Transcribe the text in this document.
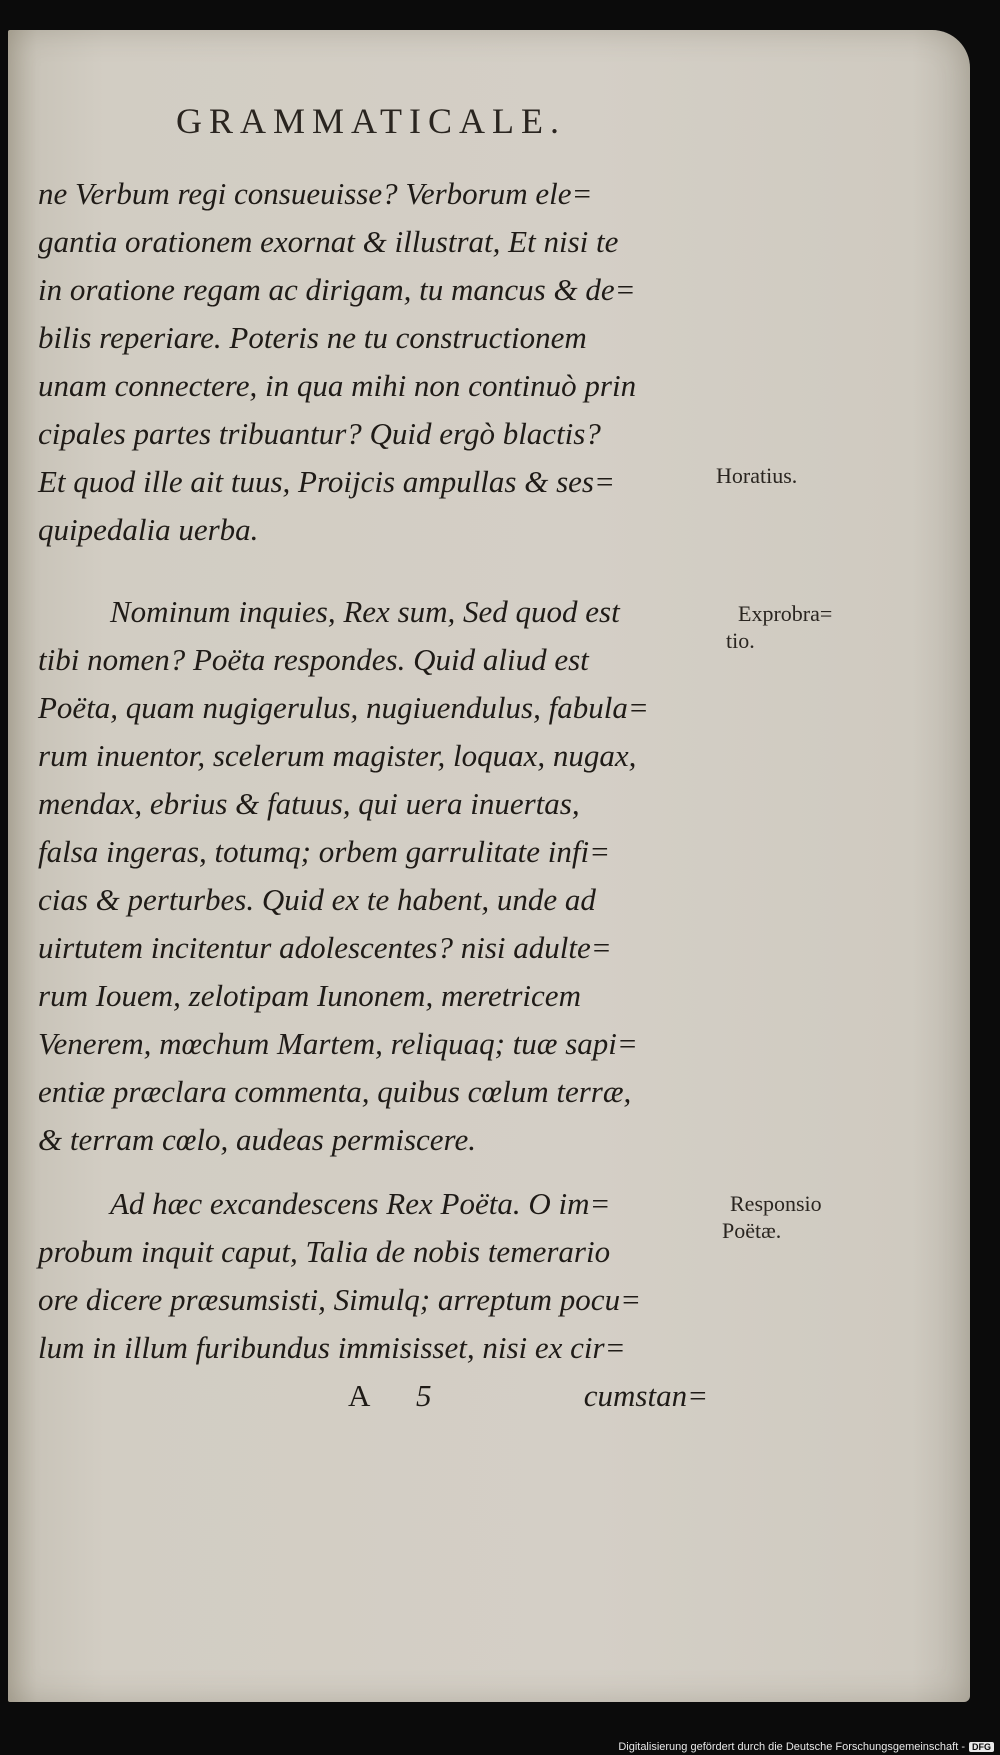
GRAMMATICALE.
ne Verbum regi consueuisse? Verborum ele=
gantia orationem exornat & illustrat, Et nisi te
in oratione regam ac dirigam, tu mancus & de=
bilis reperiare. Poteris ne tu constructionem
unam connectere, in qua mihi non continuò prin
cipales partes tribuantur? Quid ergò blactis?
Et quod ille ait tuus, Proijcis ampullas & ses=
quipedalia uerba.
Nominum inquies, Rex sum, Sed quod est
tibi nomen? Poëta respondes. Quid aliud est
Poëta, quam nugigerulus, nugiuendulus, fabula=
rum inuentor, scelerum magister, loquax, nugax,
mendax, ebrius & fatuus, qui uera inuertas,
falsa ingeras, totumq; orbem garrulitate infi=
cias & perturbes. Quid ex te habent, unde ad
uirtutem incitentur adolescentes? nisi adulte=
rum Iouem, zelotipam Iunonem, meretricem
Venerem, mœchum Martem, reliquaq; tuæ sapi=
entiæ præclara commenta, quibus cœlum terræ,
& terram cœlo, audeas permiscere.
Ad hæc excandescens Rex Poëta. O im=
probum inquit caput, Talia de nobis temerario
ore dicere præsumsisti, Simulq; arreptum pocu=
lum in illum furibundus immisisset, nisi ex cir=
Horatius.
Exprobra=
tio.
Responsio
Poëtæ.
A 5	cumstan=
Digitalisierung gefördert durch die Deutsche Forschungsgemeinschaft - DFG
